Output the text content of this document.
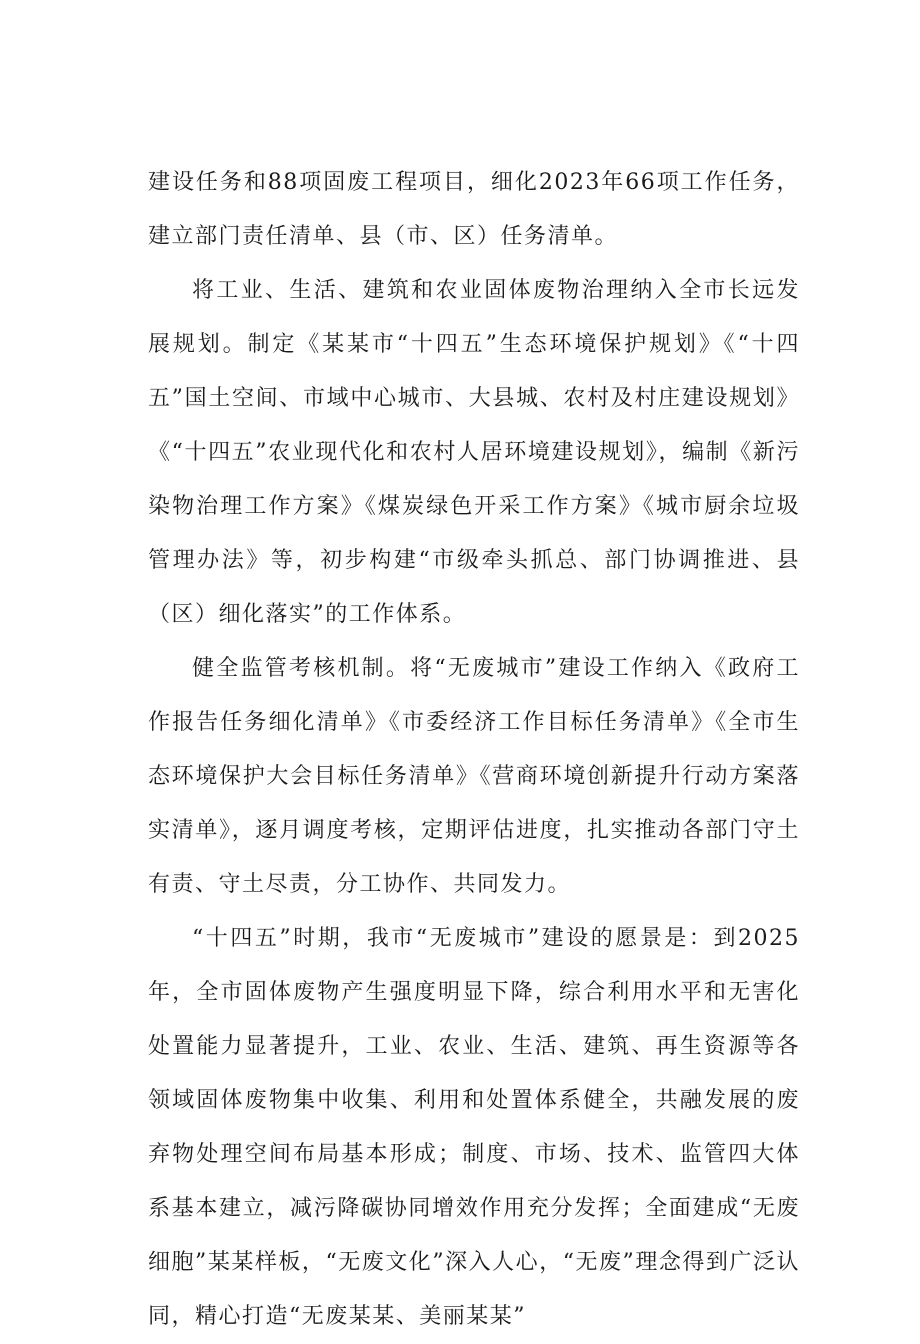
建设任务和88项固废工程项目，细化2023年66项工作任务，建立部门责任清单、县（市、区）任务清单。

将工业、生活、建筑和农业固体废物治理纳入全市长远发展规划。制定《某某市“十四五”生态环境保护规划》《“十四五”国土空间、市域中心城市、大县城、农村及村庄建设规划》《“十四五”农业现代化和农村人居环境建设规划》，编制《新污染物治理工作方案》《煤炭绿色开采工作方案》《城市厨余垃圾管理办法》等，初步构建“市级牵头抓总、部门协调推进、县（区）细化落实”的工作体系。

健全监管考核机制。将“无废城市”建设工作纳入《政府工作报告任务细化清单》《市委经济工作目标任务清单》《全市生态环境保护大会目标任务清单》《营商环境创新提升行动方案落实清单》，逐月调度考核，定期评估进度，扎实推动各部门守土有责、守土尽责，分工协作、共同发力。

“十四五”时期，我市“无废城市”建设的愿景是：到2025年，全市固体废物产生强度明显下降，综合利用水平和无害化处置能力显著提升，工业、农业、生活、建筑、再生资源等各领域固体废物集中收集、利用和处置体系健全，共融发展的废弃物处理空间布局基本形成；制度、市场、技术、监管四大体系基本建立，减污降碳协同增效作用充分发挥；全面建成“无废细胞”某某样板，“无废文化”深入人心，“无废”理念得到广泛认同，精心打造“无废某某、美丽某某”
